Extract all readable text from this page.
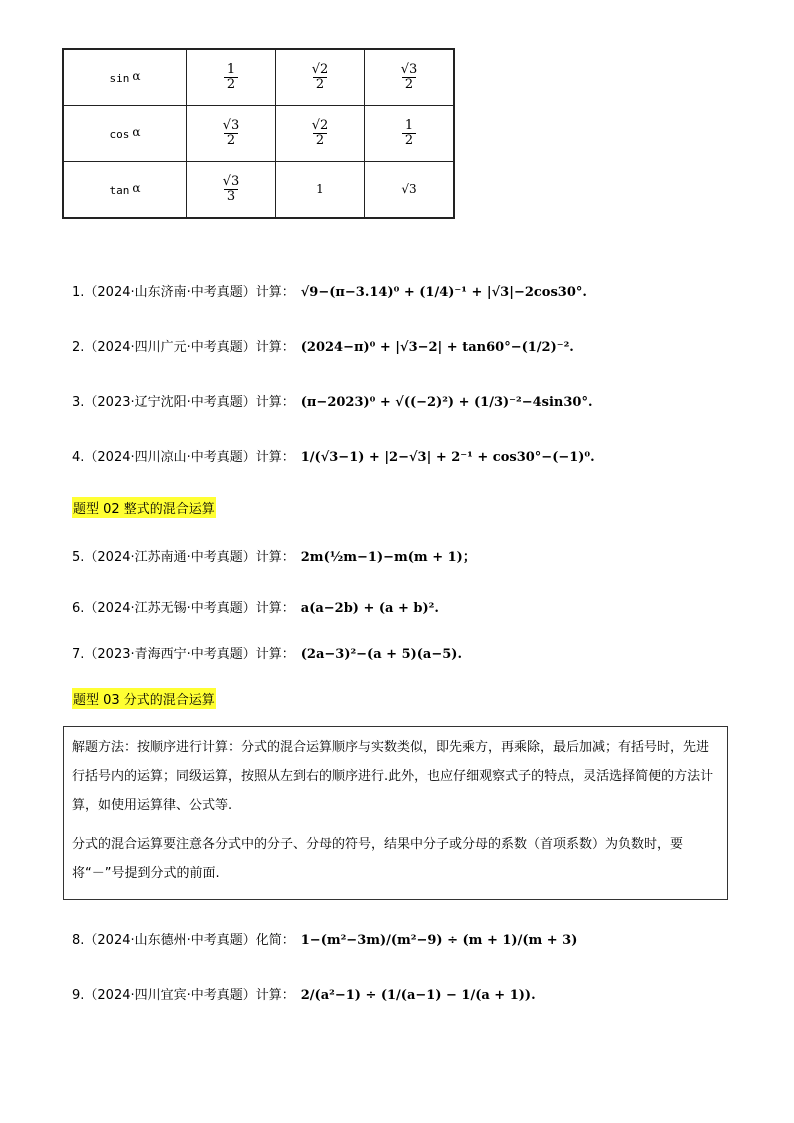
sin α	$\frac{1}{2}$	$\frac{√2}{2}$	$\frac{√3}{2}$

cos α	$\frac{√3}{2}$	$\frac{√2}{2}$	$\frac{1}{2}$

tan α	$\frac{√3}{3}$	1	√3
1.（2024·山东济南·中考真题）计算： √9−(π−3.14)⁰ + (1/4)⁻¹ + |√3|−2cos30°.
2.（2024·四川广元·中考真题）计算： (2024−π)⁰ + |√3−2| + tan60°−(1/2)⁻².
3.（2023·辽宁沈阳·中考真题）计算： (π−2023)⁰ + √((−2)²) + (1/3)⁻²−4sin30°.
4.（2024·四川凉山·中考真题）计算： 1/(√3−1) + |2−√3| + 2⁻¹ + cos30°−(−1)⁰.
题型 02 整式的混合运算
5.（2024·江苏南通·中考真题）计算： 2m(½m−1)−m(m + 1)；
6.（2024·江苏无锡·中考真题）计算： a(a−2b) + (a + b)².
7.（2023·青海西宁·中考真题）计算： (2a−3)²−(a + 5)(a−5).
题型 03 分式的混合运算

解题方法：按顺序进行计算：分式的混合运算顺序与实数类似，即先乘方，再乘除，最后加减；有括号时，先进行括号内的运算；同级运算，按照从左到右的顺序进行.此外，也应仔细观察式子的特点，灵活选择简便的方法计算，如使用运算律、公式等.

分式的混合运算要注意各分式中的分子、分母的符号，结果中分子或分母的系数（首项系数）为负数时，要将“－”号提到分式的前面.

8.（2024·山东德州·中考真题）化简： 1−(m²−3m)/(m²−9) ÷ (m + 1)/(m + 3)
9.（2024·四川宜宾·中考真题）计算： 2/(a²−1) ÷ (1/(a−1) − 1/(a + 1)).
